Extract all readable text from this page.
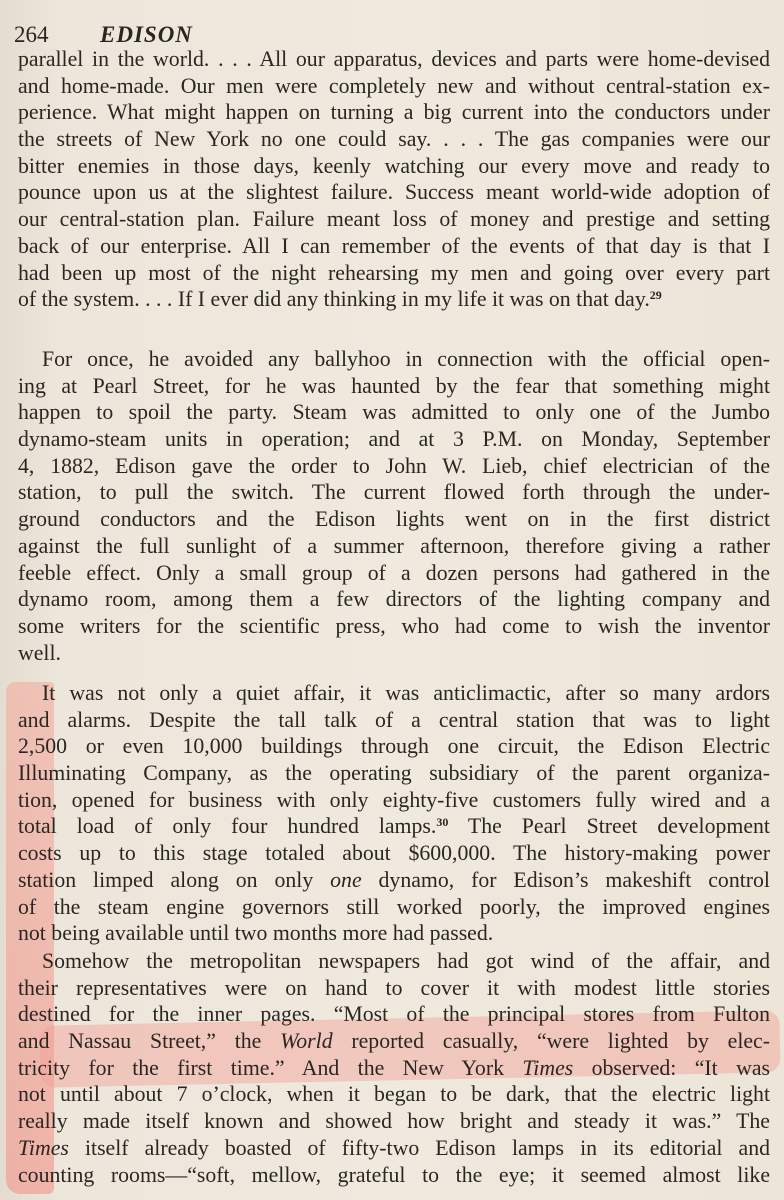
264 EDISON
parallel in the world. . . . All our apparatus, devices and parts were home-devised
and home-made. Our men were completely new and without central-station ex-
perience. What might happen on turning a big current into the conductors under
the streets of New York no one could say. . . . The gas companies were our
bitter enemies in those days, keenly watching our every move and ready to
pounce upon us at the slightest failure. Success meant world-wide adoption of
our central-station plan. Failure meant loss of money and prestige and setting
back of our enterprise. All I can remember of the events of that day is that I
had been up most of the night rehearsing my men and going over every part
of the system. . . . If I ever did any thinking in my life it was on that day.$^{29}$
For once, he avoided any ballyhoo in connection with the official open-
ing at Pearl Street, for he was haunted by the fear that something might
happen to spoil the party. Steam was admitted to only one of the Jumbo
dynamo-steam units in operation; and at 3 P.M. on Monday, September
4, 1882, Edison gave the order to John W. Lieb, chief electrician of the
station, to pull the switch. The current flowed forth through the under-
ground conductors and the Edison lights went on in the first district
against the full sunlight of a summer afternoon, therefore giving a rather
feeble effect. Only a small group of a dozen persons had gathered in the
dynamo room, among them a few directors of the lighting company and
some writers for the scientific press, who had come to wish the inventor
well.
It was not only a quiet affair, it was anticlimactic, after so many ardors
and alarms. Despite the tall talk of a central station that was to light
2,500 or even 10,000 buildings through one circuit, the Edison Electric
Illuminating Company, as the operating subsidiary of the parent organiza-
tion, opened for business with only eighty-five customers fully wired and a
total load of only four hundred lamps.$^{30}$ The Pearl Street development
costs up to this stage totaled about $600,000. The history-making power
station limped along on only one dynamo, for Edison’s makeshift control
of the steam engine governors still worked poorly, the improved engines
not being available until two months more had passed.
Somehow the metropolitan newspapers had got wind of the affair, and
their representatives were on hand to cover it with modest little stories
destined for the inner pages. “Most of the principal stores from Fulton
and Nassau Street,” the World reported casually, “were lighted by elec-
tricity for the first time.” And the New York Times observed: “It was
not until about 7 o’clock, when it began to be dark, that the electric light
really made itself known and showed how bright and steady it was.” The
Times itself already boasted of fifty-two Edison lamps in its editorial and
counting rooms—“soft, mellow, grateful to the eye; it seemed almost like
